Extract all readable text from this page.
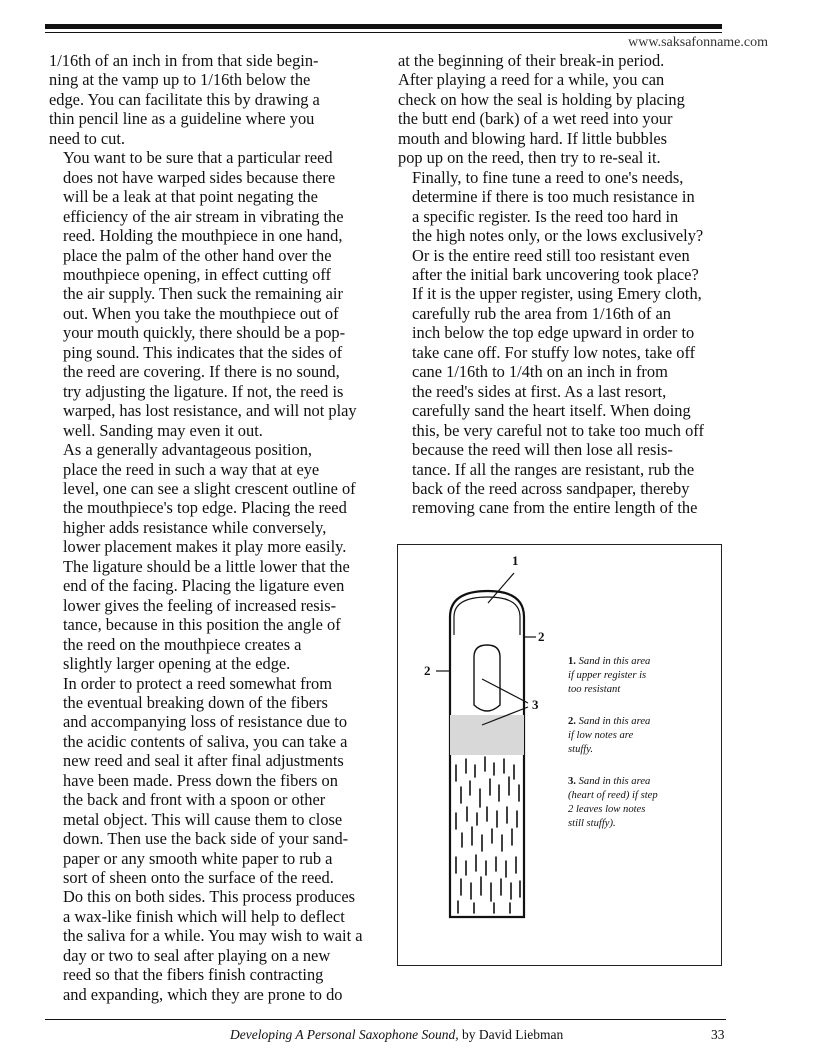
www.saksafonname.com

1/16th of an inch in from that side begin-
ning at the vamp up to 1/16th below the
edge. You can facilitate this by drawing a
thin pencil line as a guideline where you
need to cut.

You want to be sure that a particular reed
does not have warped sides because there
will be a leak at that point negating the
efficiency of the air stream in vibrating the
reed. Holding the mouthpiece in one hand,
place the palm of the other hand over the
mouthpiece opening, in effect cutting off
the air supply. Then suck the remaining air
out. When you take the mouthpiece out of
your mouth quickly, there should be a pop-
ping sound. This indicates that the sides of
the reed are covering. If there is no sound,
try adjusting the ligature. If not, the reed is
warped, has lost resistance, and will not play
well. Sanding may even it out.

As a generally advantageous position,
place the reed in such a way that at eye
level, one can see a slight crescent outline of
the mouthpiece's top edge. Placing the reed
higher adds resistance while conversely,
lower placement makes it play more easily.
The ligature should be a little lower that the
end of the facing. Placing the ligature even
lower gives the feeling of increased resis-
tance, because in this position the angle of
the reed on the mouthpiece creates a
slightly larger opening at the edge.

In order to protect a reed somewhat from
the eventual breaking down of the fibers
and accompanying loss of resistance due to
the acidic contents of saliva, you can take a
new reed and seal it after final adjustments
have been made. Press down the fibers on
the back and front with a spoon or other
metal object. This will cause them to close
down. Then use the back side of your sand-
paper or any smooth white paper to rub a
sort of sheen onto the surface of the reed.
Do this on both sides. This process produces
a wax-like finish which will help to deflect
the saliva for a while. You may wish to wait a
day or two to seal after playing on a new
reed so that the fibers finish contracting
and expanding, which they are prone to do

at the beginning of their break-in period.
After playing a reed for a while, you can
check on how the seal is holding by placing
the butt end (bark) of a wet reed into your
mouth and blowing hard. If little bubbles
pop up on the reed, then try to re-seal it.

Finally, to fine tune a reed to one's needs,
determine if there is too much resistance in
a specific register. Is the reed too hard in
the high notes only, or the lows exclusively?
Or is the entire reed still too resistant even
after the initial bark uncovering took place?
If it is the upper register, using Emery cloth,
carefully rub the area from 1/16th of an
inch below the top edge upward in order to
take cane off. For stuffy low notes, take off
cane 1/16th to 1/4th on an inch in from
the reed's sides at first. As a last resort,
carefully sand the heart itself. When doing
this, be very careful not to take too much off
because the reed will then lose all resis-
tance. If all the ranges are resistant, rub the
back of the reed across sandpaper, thereby
removing cane from the entire length of the

1
2
2
3
1. Sand in this area
if upper register is
too resistant
2. Sand in this area
if low notes are
stuffy.
3. Sand in this area
(heart of reed) if step
2 leaves low notes
still stuffy).
Developing A Personal Saxophone Sound, by David Liebman	33
